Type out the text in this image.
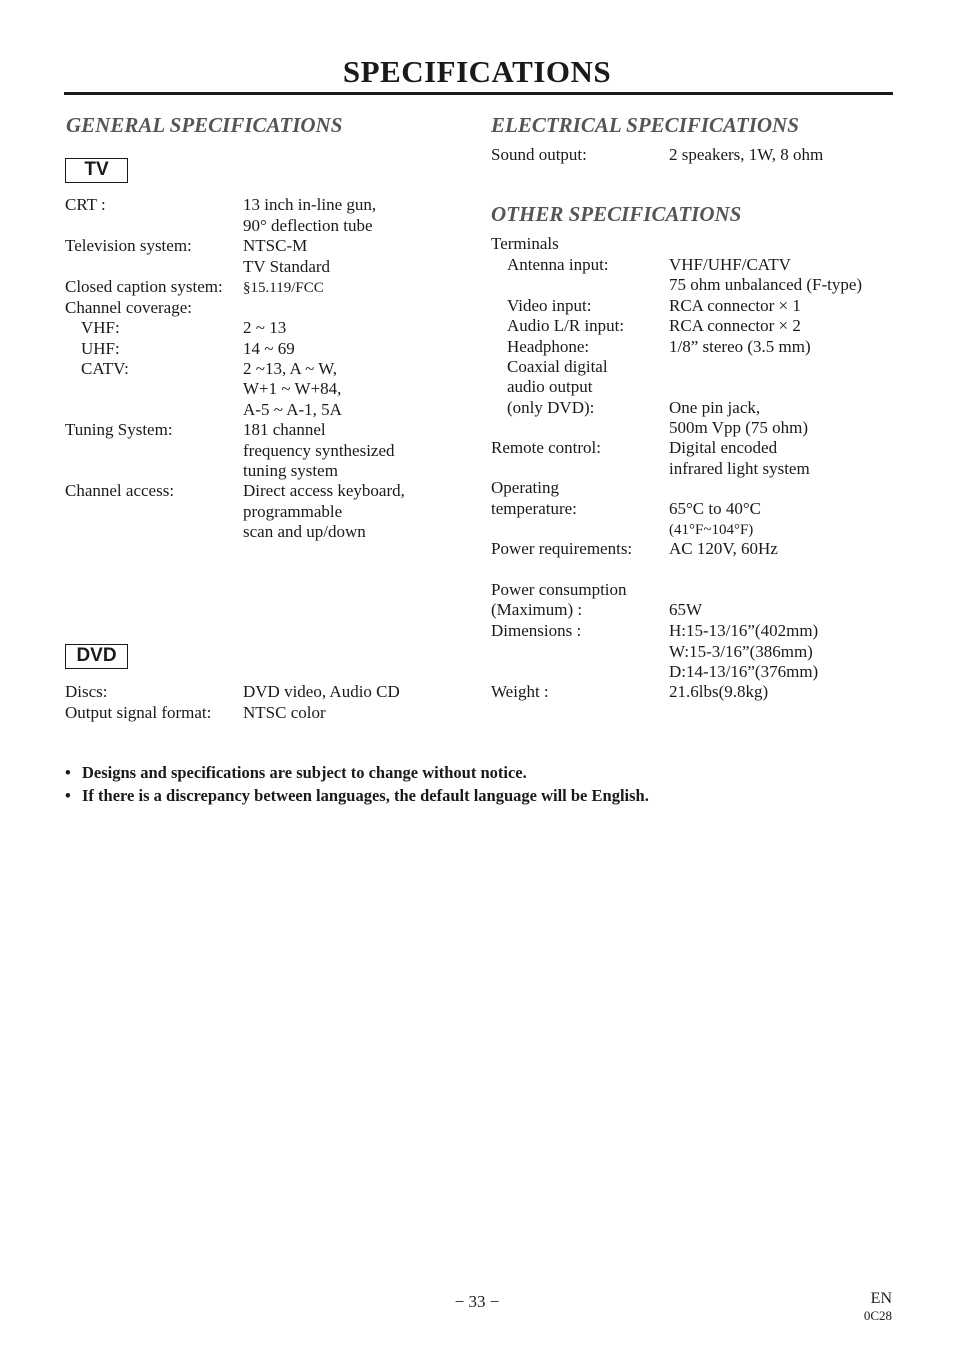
SPECIFICATIONS
GENERAL SPECIFICATIONS
TV
CRT :	13 inch in-line gun,
90° deflection tube
Television system:	NTSC-M
TV Standard
Closed caption system: §15.119/FCC
Channel coverage:
VHF:	2 ~ 13
UHF:	14 ~ 69
CATV:	2 ~13, A ~ W,
W+1 ~ W+84,
A-5 ~ A-1, 5A
Tuning System:	181 channel
frequency synthesized
tuning system
Channel access:	Direct access keyboard,
programmable
scan and up/down
DVD
Discs:	DVD video, Audio CD
Output signal format: NTSC color
ELECTRICAL SPECIFICATIONS
Sound output:	2 speakers, 1W, 8 ohm
OTHER SPECIFICATIONS
Terminals
Antenna input:	VHF/UHF/CATV
75 ohm unbalanced (F-type)
Video input:	RCA connector × 1
Audio L/R input:	RCA connector × 2
Headphone:	1/8” stereo (3.5 mm)
Coaxial digital
audio output
(only DVD):	One pin jack,
500m Vpp (75 ohm)
Remote control:	Digital encoded
infrared light system
Operating
temperature:	65°C to 40°C
(41°F~104°F)
Power requirements: AC 120V, 60Hz
Power consumption
(Maximum) :	65W
Dimensions :	H:15-13/16”(402mm)
W:15-3/16”(386mm)
D:14-13/16”(376mm)
Weight :	21.6lbs(9.8kg)
• Designs and specifications are subject to change without notice.
• If there is a discrepancy between languages, the default language will be English.
− 33 −	EN
0C28
